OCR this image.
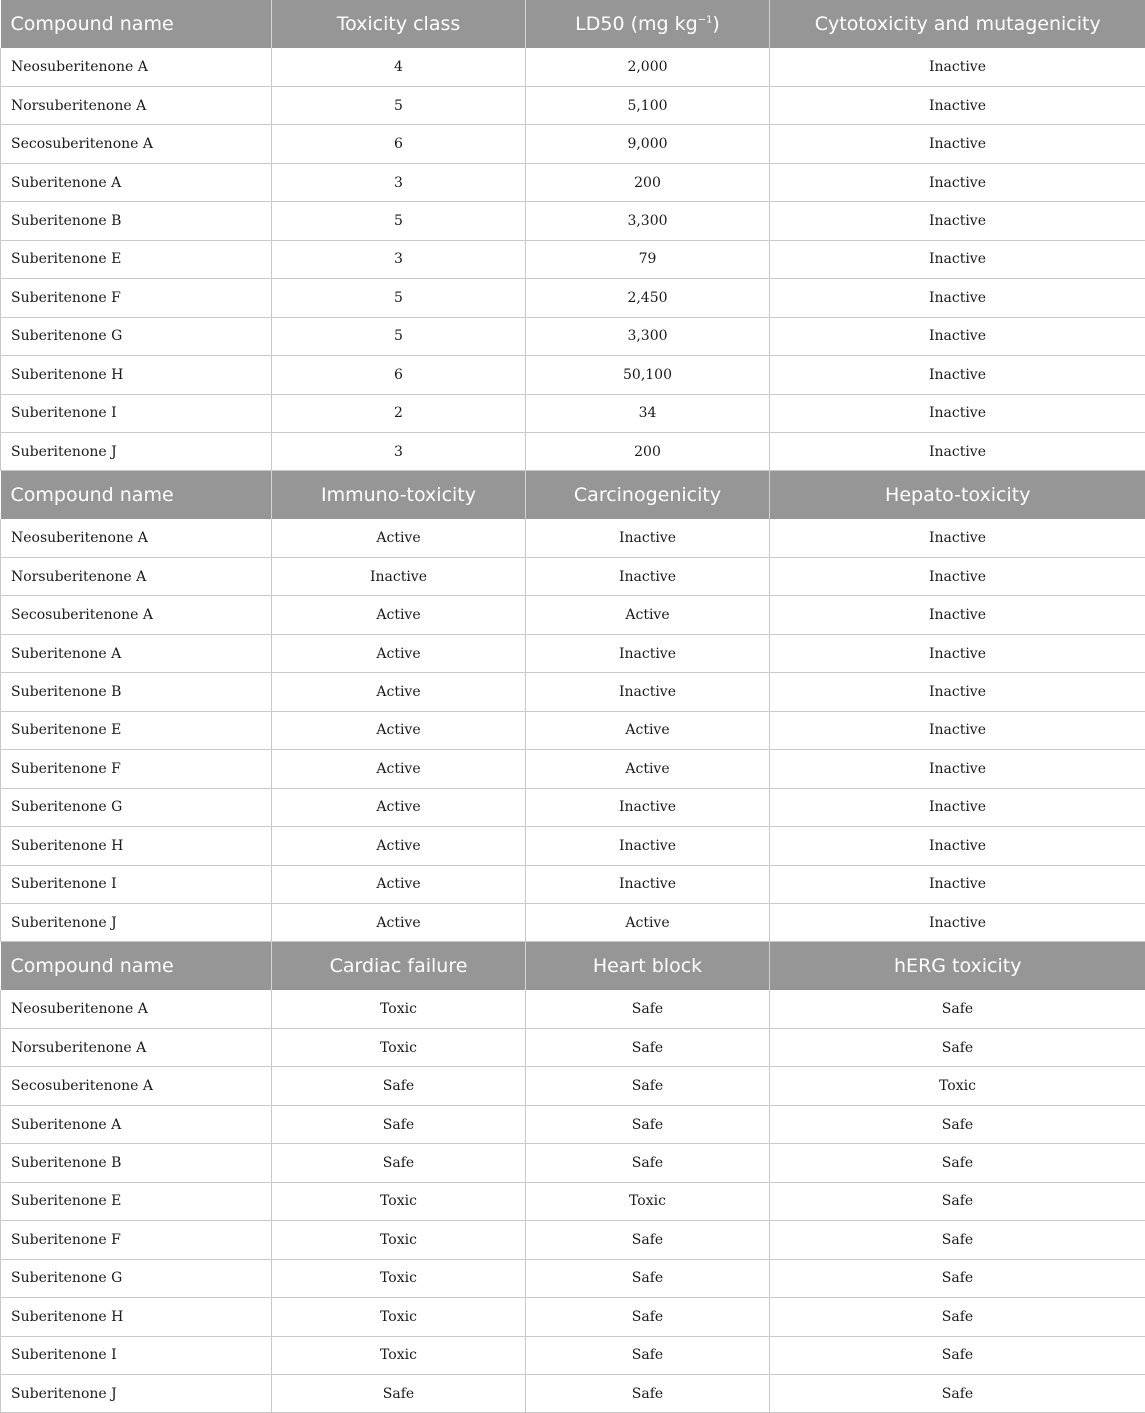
Compound name	Toxicity class	LD50 (mg $kg^{-1}$)	Cytotoxicity and mutagenicity
Neosuberitenone A	4	2,000	Inactive
Norsuberitenone A	5	5,100	Inactive
Secosuberitenone A	6	9,000	Inactive
Suberitenone A	3	200	Inactive
Suberitenone B	5	3,300	Inactive
Suberitenone E	3	79	Inactive
Suberitenone F	5	2,450	Inactive
Suberitenone G	5	3,300	Inactive
Suberitenone H	6	50,100	Inactive
Suberitenone I	2	34	Inactive
Suberitenone J	3	200	Inactive
Compound name	Immuno-toxicity	Carcinogenicity	Hepato-toxicity
Neosuberitenone A	Active	Inactive	Inactive
Norsuberitenone A	Inactive	Inactive	Inactive
Secosuberitenone A	Active	Active	Inactive
Suberitenone A	Active	Inactive	Inactive
Suberitenone B	Active	Inactive	Inactive
Suberitenone E	Active	Active	Inactive
Suberitenone F	Active	Active	Inactive
Suberitenone G	Active	Inactive	Inactive
Suberitenone H	Active	Inactive	Inactive
Suberitenone I	Active	Inactive	Inactive
Suberitenone J	Active	Active	Inactive
Compound name	Cardiac failure	Heart block	hERG toxicity
Neosuberitenone A	Toxic	Safe	Safe
Norsuberitenone A	Toxic	Safe	Safe
Secosuberitenone A	Safe	Safe	Toxic
Suberitenone A	Safe	Safe	Safe
Suberitenone B	Safe	Safe	Safe
Suberitenone E	Toxic	Toxic	Safe
Suberitenone F	Toxic	Safe	Safe
Suberitenone G	Toxic	Safe	Safe
Suberitenone H	Toxic	Safe	Safe
Suberitenone I	Toxic	Safe	Safe
Suberitenone J	Safe	Safe	Safe
